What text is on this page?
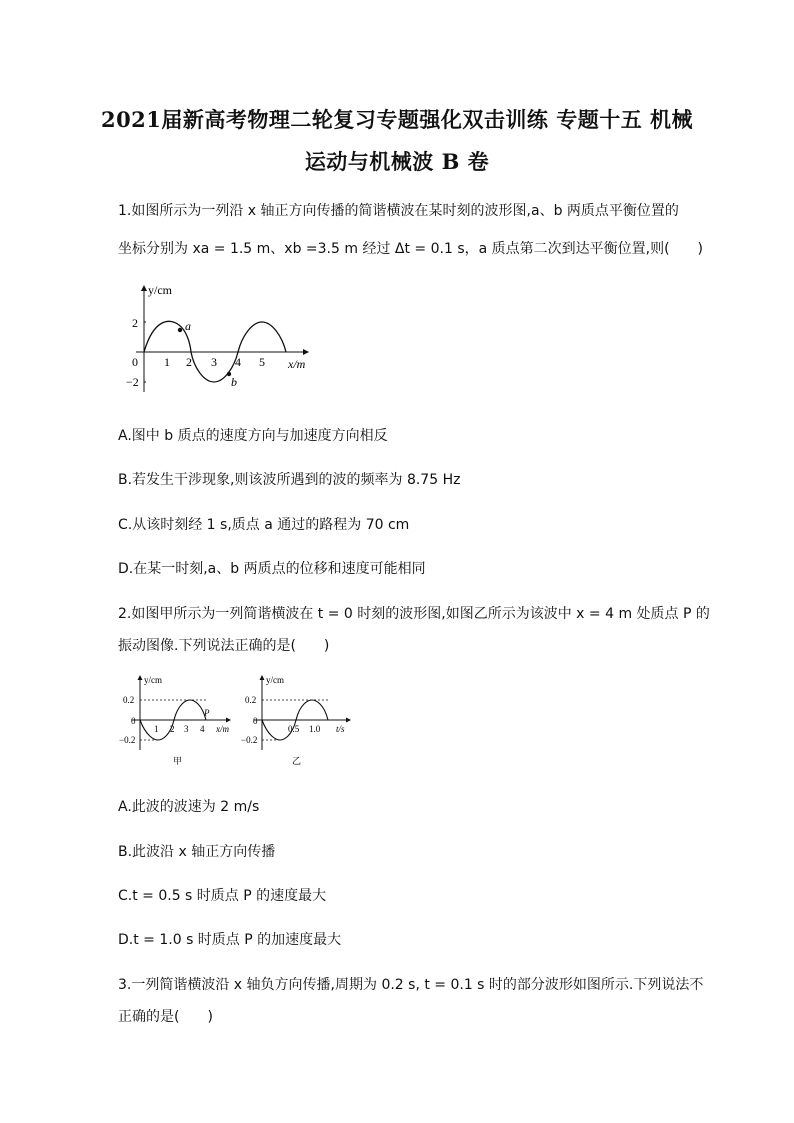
2021届新高考物理二轮复习专题强化双击训练 专题十五 机械
运动与机械波 B 卷
1.如图所示为一列沿 x 轴正方向传播的简谐横波在某时刻的波形图,a、b 两质点平衡位置的
坐标分别为 xa = 1.5 m、xb =3.5 m 经过 Δt = 0.1 s，a 质点第二次到达平衡位置,则(　　)
y/cm
x/m
0
2
−2
1 2 3 4 5
a
b
A.图中 b 质点的速度方向与加速度方向相反
B.若发生干涉现象,则该波所遇到的波的频率为 8.75 Hz
C.从该时刻经 1 s,质点 a 通过的路程为 70 cm
D.在某一时刻,a、b 两质点的位移和速度可能相同
2.如图甲所示为一列简谐横波在 t = 0 时刻的波形图,如图乙所示为该波中 x = 4 m 处质点 P 的
振动图像.下列说法正确的是(　　)
y/cm
x/m
0
0.2
−0.2
1 2 3 4
P
甲
y/cm
t/s
0
0.2
−0.2
0.5 1.0
乙
A.此波的波速为 2 m/s
B.此波沿 x 轴正方向传播
C.t = 0.5 s 时质点 P 的速度最大
D.t = 1.0 s 时质点 P 的加速度最大
3.一列简谐横波沿 x 轴负方向传播,周期为 0.2 s, t = 0.1 s 时的部分波形如图所示.下列说法不
正确的是(　　)
